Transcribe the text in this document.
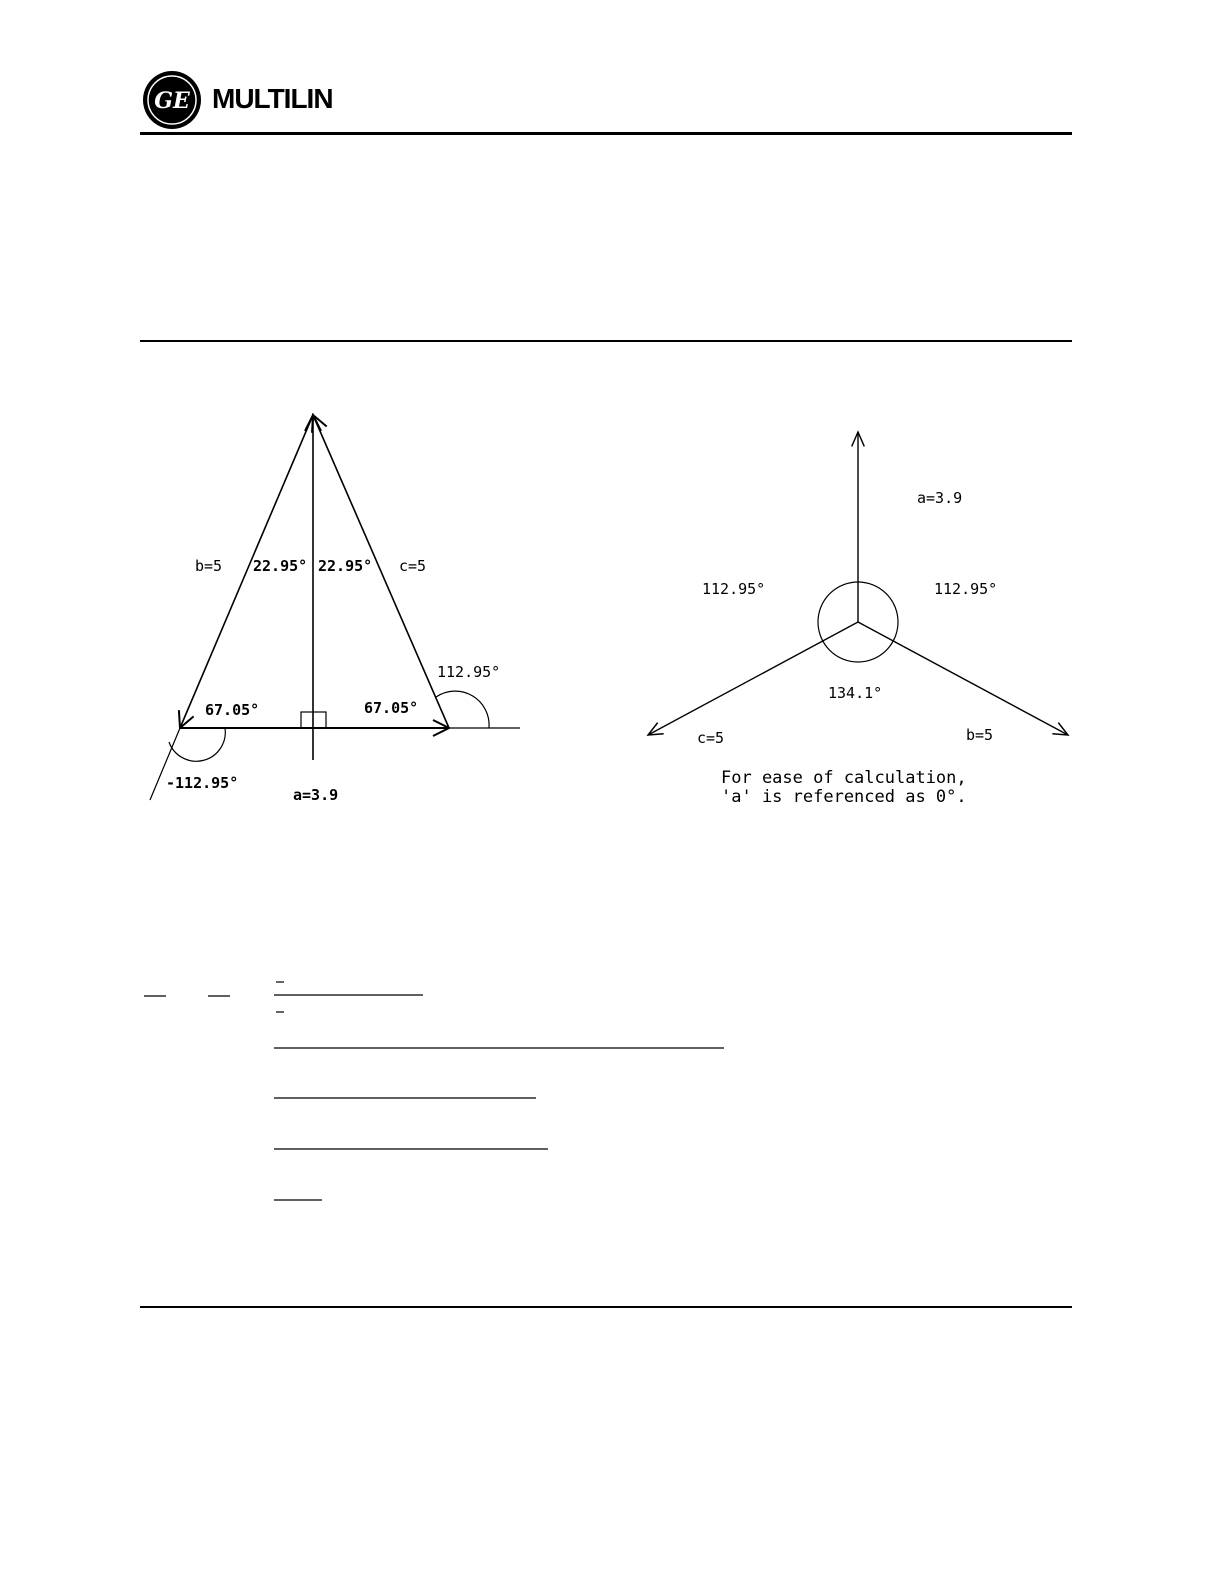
MULTILIN
GE
b=5 22.95° 22.95° c=5
112.95°
67.05°	67.05°
-112.95°
a=3.9
a=3.9
112.95°	112.95°
134.1°
c=5	b=5
For ease of calculation,
'a' is referenced as 0°.
